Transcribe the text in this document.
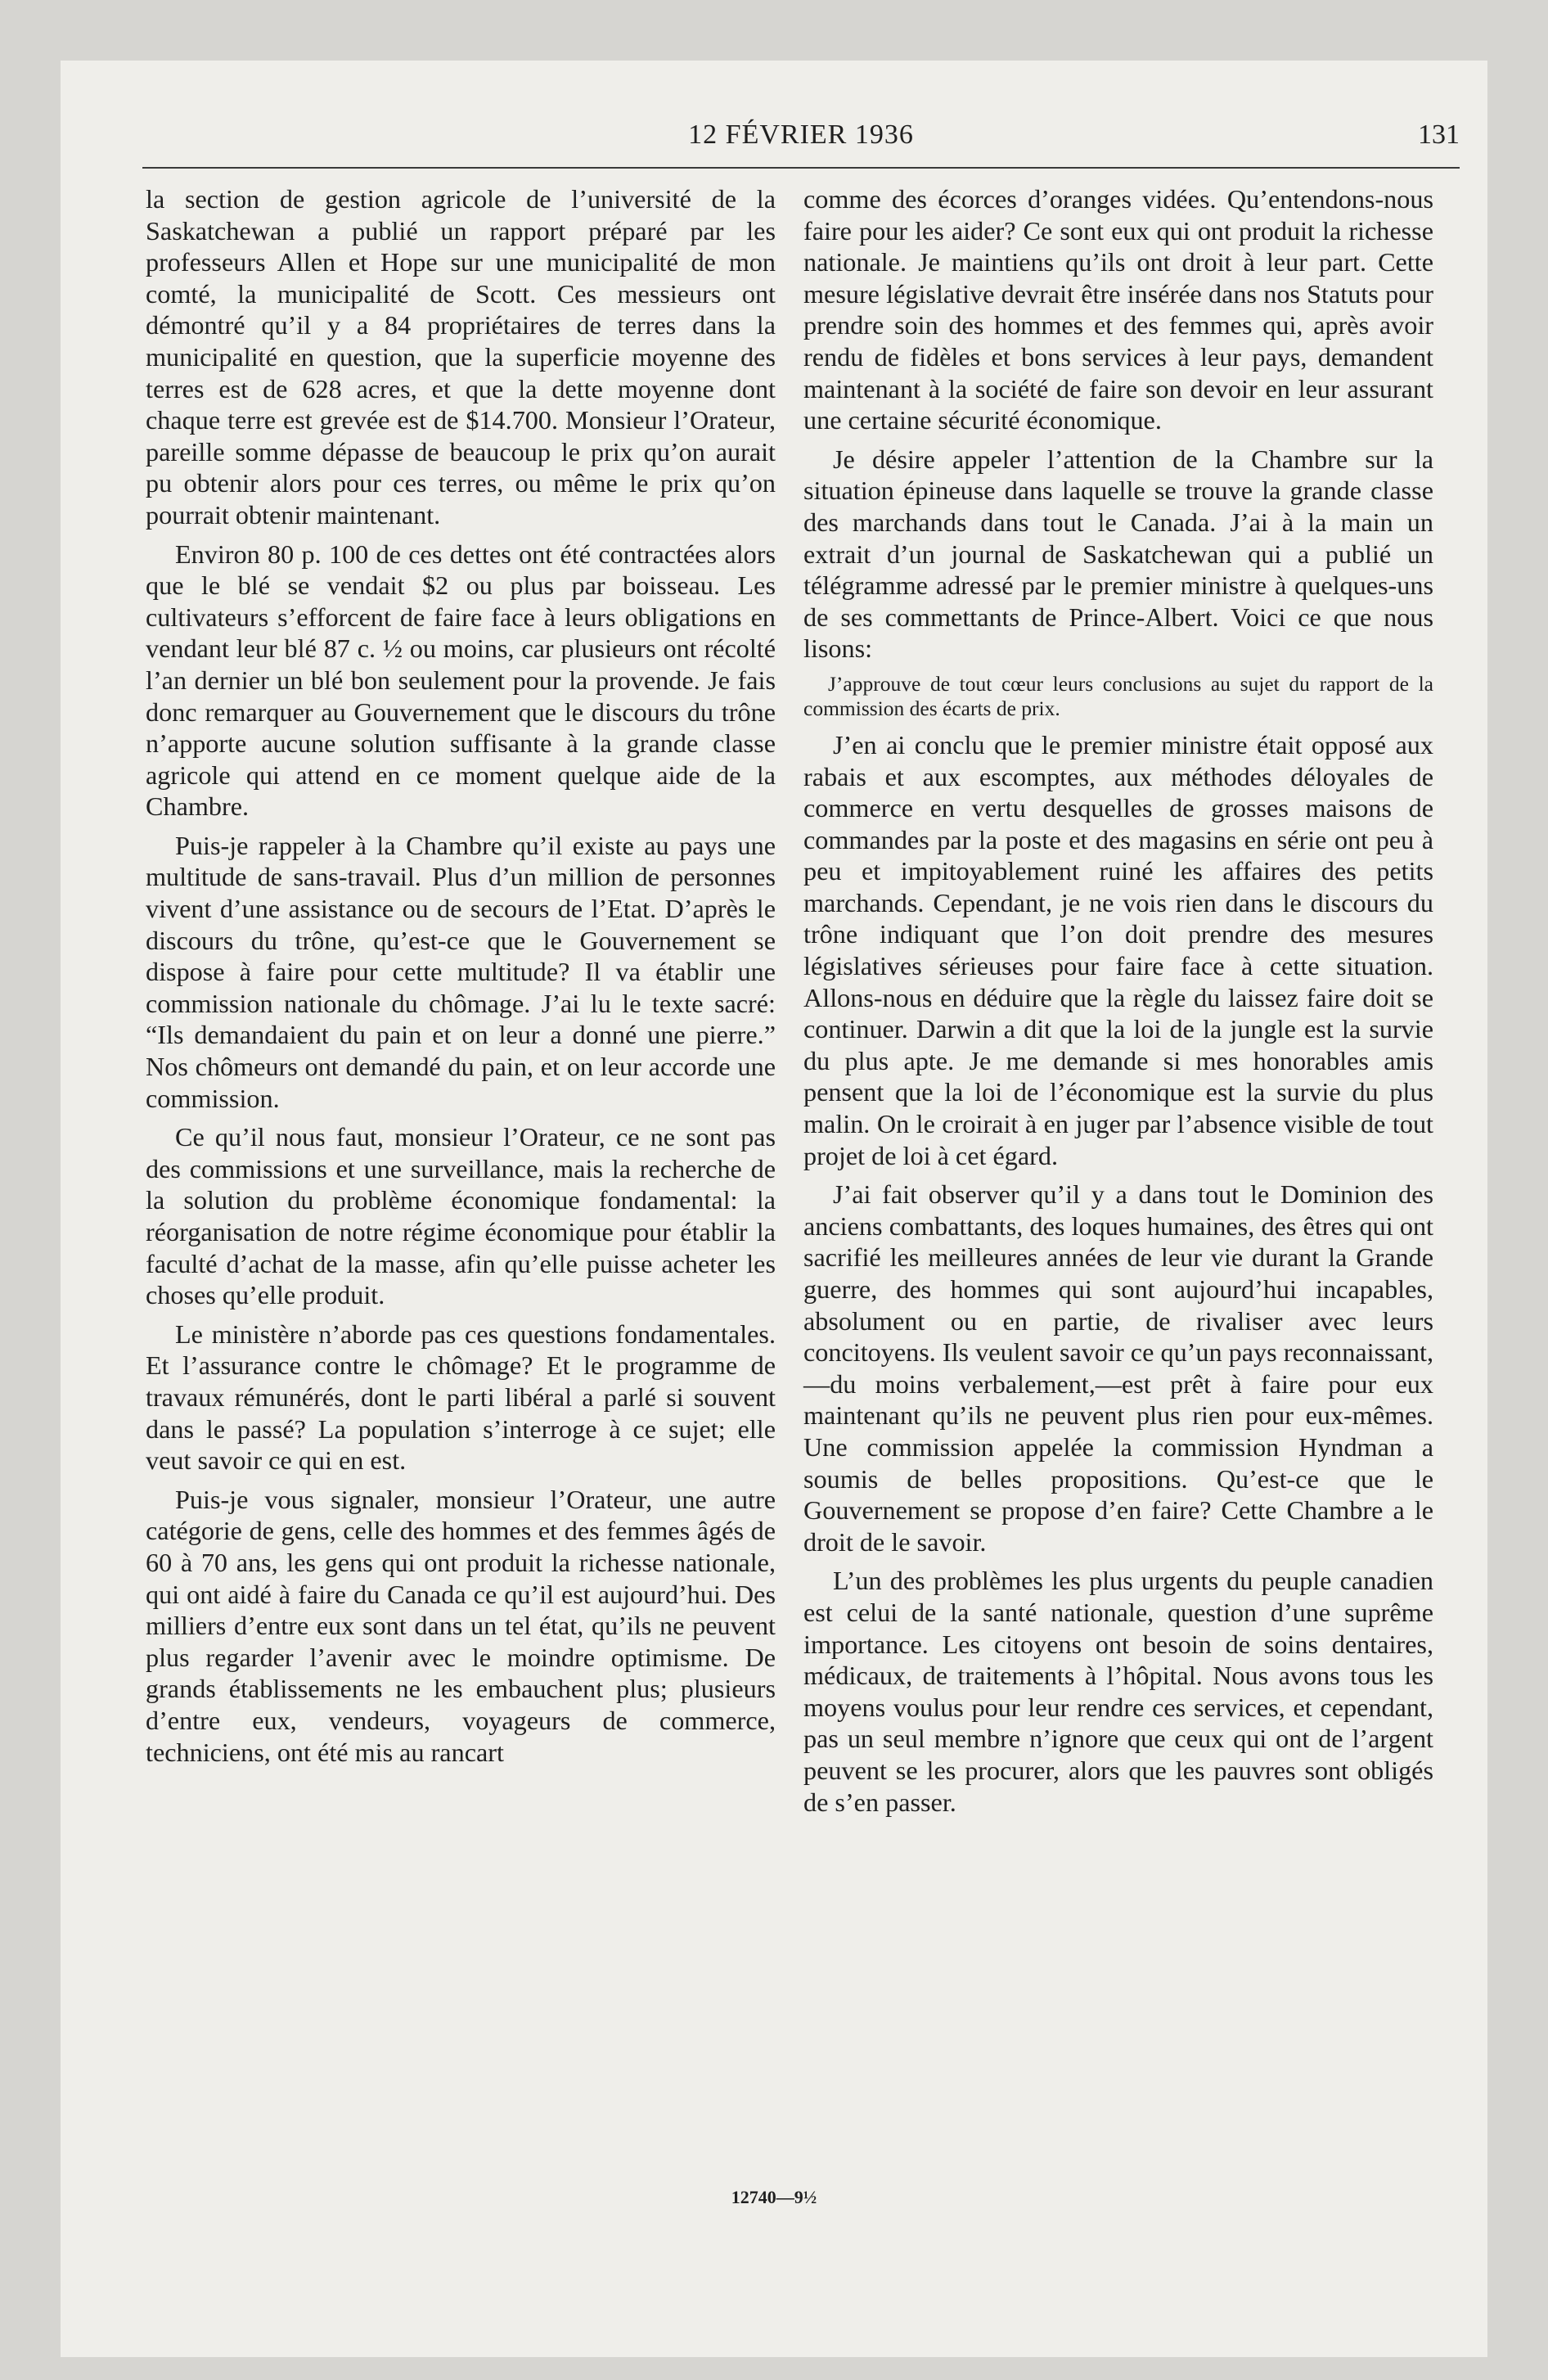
12 FÉVRIER 1936	131

la section de gestion agricole de l’université de la Saskatchewan a publié un rapport préparé par les professeurs Allen et Hope sur une municipalité de mon comté, la municipalité de Scott. Ces messieurs ont démontré qu’il y a 84 propriétaires de terres dans la municipalité en question, que la superficie moyenne des terres est de 628 acres, et que la dette moyenne dont chaque terre est grevée est de $14.700. Monsieur l’Orateur, pareille somme dépasse de beaucoup le prix qu’on aurait pu obtenir alors pour ces terres, ou même le prix qu’on pourrait obtenir maintenant.

Environ 80 p. 100 de ces dettes ont été contractées alors que le blé se vendait $2 ou plus par boisseau. Les cultivateurs s’efforcent de faire face à leurs obligations en vendant leur blé 87 c. ½ ou moins, car plusieurs ont récolté l’an dernier un blé bon seulement pour la provende. Je fais donc remarquer au Gouvernement que le discours du trône n’apporte aucune solution suffisante à la grande classe agricole qui attend en ce moment quelque aide de la Chambre.

Puis-je rappeler à la Chambre qu’il existe au pays une multitude de sans-travail. Plus d’un million de personnes vivent d’une assistance ou de secours de l’Etat. D’après le discours du trône, qu’est-ce que le Gouvernement se dispose à faire pour cette multitude? Il va établir une commission nationale du chômage. J’ai lu le texte sacré: “Ils demandaient du pain et on leur a donné une pierre.” Nos chômeurs ont demandé du pain, et on leur accorde une commission.

Ce qu’il nous faut, monsieur l’Orateur, ce ne sont pas des commissions et une surveillance, mais la recherche de la solution du problème économique fondamental: la réorganisation de notre régime économique pour établir la faculté d’achat de la masse, afin qu’elle puisse acheter les choses qu’elle produit.

Le ministère n’aborde pas ces questions fondamentales. Et l’assurance contre le chômage? Et le programme de travaux rémunérés, dont le parti libéral a parlé si souvent dans le passé? La population s’interroge à ce sujet; elle veut savoir ce qui en est.

Puis-je vous signaler, monsieur l’Orateur, une autre catégorie de gens, celle des hommes et des femmes âgés de 60 à 70 ans, les gens qui ont produit la richesse nationale, qui ont aidé à faire du Canada ce qu’il est aujourd’hui. Des milliers d’entre eux sont dans un tel état, qu’ils ne peuvent plus regarder l’avenir avec le moindre optimisme. De grands établissements ne les embauchent plus; plusieurs d’entre eux, vendeurs, voyageurs de commerce, techniciens, ont été mis au rancart

comme des écorces d’oranges vidées. Qu’entendons-nous faire pour les aider? Ce sont eux qui ont produit la richesse nationale. Je maintiens qu’ils ont droit à leur part. Cette mesure législative devrait être insérée dans nos Statuts pour prendre soin des hommes et des femmes qui, après avoir rendu de fidèles et bons services à leur pays, demandent maintenant à la société de faire son devoir en leur assurant une certaine sécurité économique.

Je désire appeler l’attention de la Chambre sur la situation épineuse dans laquelle se trouve la grande classe des marchands dans tout le Canada. J’ai à la main un extrait d’un journal de Saskatchewan qui a publié un télégramme adressé par le premier ministre à quelques-uns de ses commettants de Prince-Albert. Voici ce que nous lisons:

J’approuve de tout cœur leurs conclusions au sujet du rapport de la commission des écarts de prix.

J’en ai conclu que le premier ministre était opposé aux rabais et aux escomptes, aux méthodes déloyales de commerce en vertu desquelles de grosses maisons de commandes par la poste et des magasins en série ont peu à peu et impitoyablement ruiné les affaires des petits marchands. Cependant, je ne vois rien dans le discours du trône indiquant que l’on doit prendre des mesures législatives sérieuses pour faire face à cette situation. Allons-nous en déduire que la règle du laissez faire doit se continuer. Darwin a dit que la loi de la jungle est la survie du plus apte. Je me demande si mes honorables amis pensent que la loi de l’économique est la survie du plus malin. On le croirait à en juger par l’absence visible de tout projet de loi à cet égard.

J’ai fait observer qu’il y a dans tout le Dominion des anciens combattants, des loques humaines, des êtres qui ont sacrifié les meilleures années de leur vie durant la Grande guerre, des hommes qui sont aujourd’hui incapables, absolument ou en partie, de rivaliser avec leurs concitoyens. Ils veulent savoir ce qu’un pays reconnaissant,—du moins verbalement,—est prêt à faire pour eux maintenant qu’ils ne peuvent plus rien pour eux-mêmes. Une commission appelée la commission Hyndman a soumis de belles propositions. Qu’est-ce que le Gouvernement se propose d’en faire? Cette Chambre a le droit de le savoir.

L’un des problèmes les plus urgents du peuple canadien est celui de la santé nationale, question d’une suprême importance. Les citoyens ont besoin de soins dentaires, médicaux, de traitements à l’hôpital. Nous avons tous les moyens voulus pour leur rendre ces services, et cependant, pas un seul membre n’ignore que ceux qui ont de l’argent peuvent se les procurer, alors que les pauvres sont obligés de s’en passer.

12740—9½
